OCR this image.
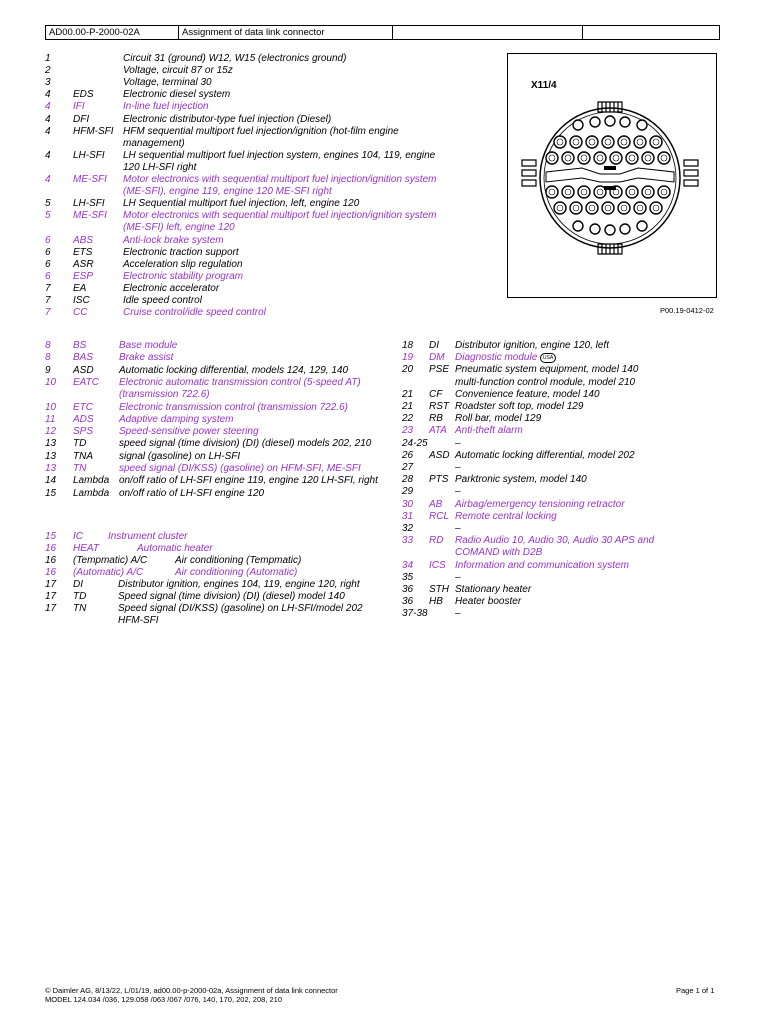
AD00.00-P-2000-02A	Assignment of data link connector
1	Circuit 31 (ground) W12, W15 (electronics ground)
2	Voltage, circuit 87 or 15z
3	Voltage, terminal 30
4 EDS	Electronic diesel system
4 IFI	In-line fuel injection
4 DFI	Electronic distributor-type fuel injection (Diesel)
4 HFM-SFI HFM sequential multiport fuel injection/ignition (hot-film engine
management)
4 LH-SFI LH sequential multiport fuel injection system, engines 104, 119, engine
120 LH-SFI right
4 ME-SFI Motor electronics with sequential multiport fuel injection/ignition system
(ME-SFI), engine 119, engine 120 ME-SFI right
5 LH-SFI LH Sequential multiport fuel injection, left, engine 120
5 ME-SFI Motor electronics with sequential multiport fuel injection/ignition system
(ME-SFI) left, engine 120
6 ABS	Anti-lock brake system
6 ETS	Electronic traction support
6 ASR	Acceleration slip regulation
6 ESP	Electronic stability program
7 EA	Electronic accelerator
7 ISC	Idle speed control
7 CC	Cruise control/idle speed control
8 BS	Base module
8 BAS	Brake assist
9 ASD	Automatic locking differential, models 124, 129, 140
10 EATC Electronic automatic transmission control (5-speed AT)
(transmission 722.6)
10 ETC	Electronic transmission control (transmission 722.6)
11 ADS	Adaptive damping system
12 SPS	Speed-sensitive power steering
13 TD	speed signal (time division) (DI) (diesel) models 202, 210
13 TNA	signal (gasoline) on LH-SFI
13 TN	speed signal (DI/KSS) (gasoline) on HFM-SFI, ME-SFI
14 Lambda on/off ratio of LH-SFI engine 119, engine 120 LH-SFI, right
15 Lambda on/off ratio of LH-SFI engine 120
15 IC	Instrument cluster
16 HEAT	Automatic heater
16 (Tempmatic) A/C	Air conditioning (Tempmatic)
16 (Automatic) A/C	Air conditioning (Automatic)
17 DI	Distributor ignition, engines 104, 119, engine 120, right
17 TD	Speed signal (time division) (DI) (diesel) model 140
17 TN	Speed signal (DI/KSS) (gasoline) on LH-SFI/model 202
HFM-SFI
18 DI Distributor ignition, engine 120, left
19 DM Diagnostic module USA
20 PSE Pneumatic system equipment, model 140
multi-function control module, model 210
21 CF Convenience feature, model 140
21 RST Roadster soft top, model 129
22 RB Roll bar, model 129
23 ATA Anti-theft alarm
24-25	–
26 ASD Automatic locking differential, model 202
27	–
28 PTS Parktronic system, model 140
29	–
30 AB Airbag/emergency tensioning retractor
31 RCL Remote central locking
32	–
33 RD Radio Audio 10, Audio 30, Audio 30 APS and
COMAND with D2B
34 ICS Information and communication system
35	–
36 STH Stationary heater
36 HB Heater booster
37-38	–
X11/4
P00.19-0412-02
© Daimler AG, 8/13/22, L/01/19, ad00.00-p-2000-02a, Assignment of data link connector
MODEL 124.034 /036, 129.058 /063 /067 /076, 140, 170, 202, 208, 210
Page 1 of 1
